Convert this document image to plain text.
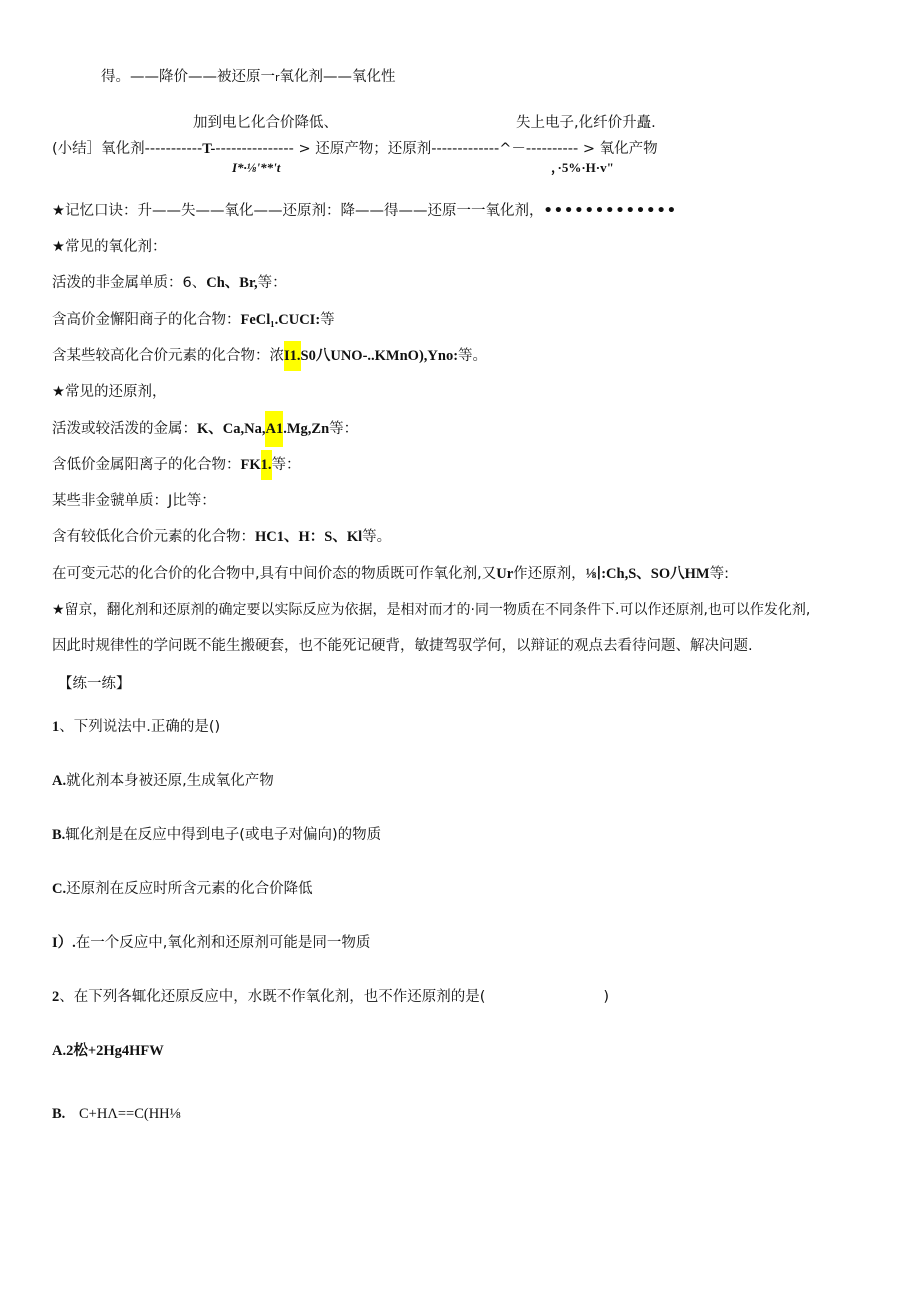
得。——降价——被还原一r氧化剂——氧化性
加到电匕化合价降低、	失上电子,化纤价升矗.
(小结］氧化剂-----------T---------------- > 还原产物；还原剂-------------^－---------- > 氧化产物
I*·⅛'**'t	，·5%·H·v"
★记忆口诀：升——失——氧化——还原剂：降——得——还原一一氧化剂，•••••••••••••
★常见的氧化剂：
活泼的非金属单质：6、Ch、Br,等：
含高价金懈阳商子的化合物：FeCl₁.CUCI:等
含某些较高化合价元素的化合物：浓I1.S0八UNO-..KMnO),Yno:等。
★常见的还原剂，
活泼或较活泼的金属：K、Ca,Na,A1.Mg,Zn等：
含低价金属阳离子的化合物：FK1.等：
某些非金虢单质：J比等：
含有较低化合价元素的化合物：HC1、H：S、Kl等。
在可变元芯的化合价的化合物中,具有中间价态的物质既可作氧化剂,又Ur作还原剂，⅛∣:Ch,S、SO八HM等:
★留京，翻化剂和还原剂的确定要以实际反应为依据，是相对而才的·同一物质在不同条件下.可以作还原剂,也可以作发化剂,
因此时规律性的学问既不能生搬硬套，也不能死记硬背，敏捷驾驭学何，以辩证的观点去看待问题、解决问题.
【练一练】
1、下列说法中.正确的是()
A.就化剂本身被还原,生成氧化产物
B.辄化剂是在反应中得到电子(或电子对偏向)的物质
C.还原剂在反应时所含元素的化合价降低
I）.在一个反应中,氧化剂和还原剂可能是同一物质
2、在下列各辄化还原反应中，水既不作氧化剂，也不作还原剂的是(	)
A.2松+2Hg4HFW
B. C+HΛ==C(HH⅛
